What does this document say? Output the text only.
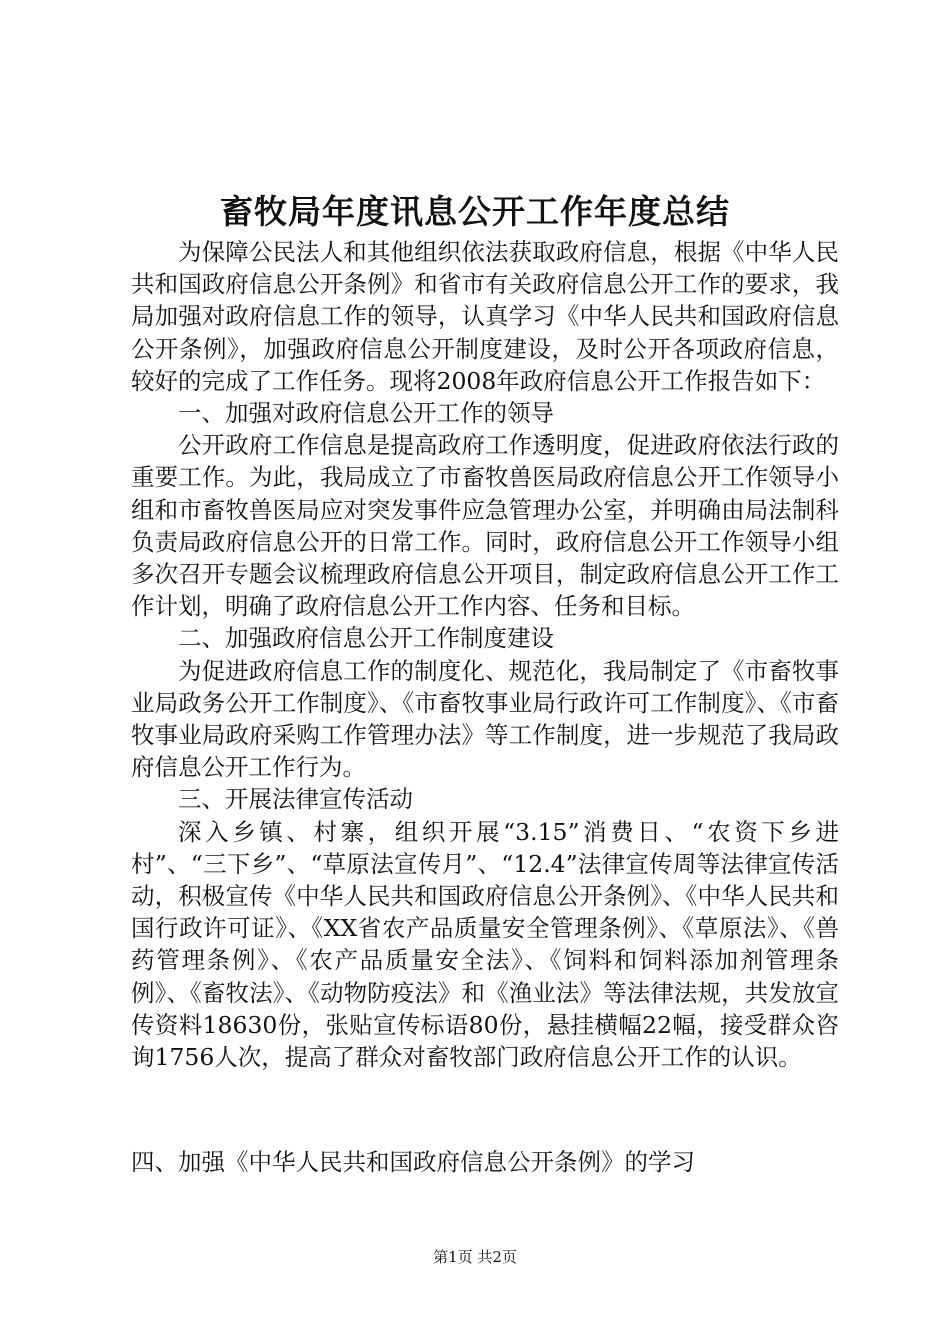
畜牧局年度讯息公开工作年度总结

为保障公民法人和其他组织依法获取政府信息，根据《中华人民共和国政府信息公开条例》和省市有关政府信息公开工作的要求，我局加强对政府信息工作的领导，认真学习《中华人民共和国政府信息公开条例》，加强政府信息公开制度建设，及时公开各项政府信息，较好的完成了工作任务。现将2008年政府信息公开工作报告如下：

一、加强对政府信息公开工作的领导

公开政府工作信息是提高政府工作透明度，促进政府依法行政的重要工作。为此，我局成立了市畜牧兽医局政府信息公开工作领导小组和市畜牧兽医局应对突发事件应急管理办公室，并明确由局法制科负责局政府信息公开的日常工作。同时，政府信息公开工作领导小组多次召开专题会议梳理政府信息公开项目，制定政府信息公开工作工作计划，明确了政府信息公开工作内容、任务和目标。

二、加强政府信息公开工作制度建设

为促进政府信息工作的制度化、规范化，我局制定了《市畜牧事业局政务公开工作制度》、《市畜牧事业局行政许可工作制度》、《市畜牧事业局政府采购工作管理办法》等工作制度，进一步规范了我局政府信息公开工作行为。

三、开展法律宣传活动

深入乡镇、村寨，组织开展“3.15”消费日、“农资下乡进村”、“三下乡”、“草原法宣传月”、“12.4”法律宣传周等法律宣传活动，积极宣传《中华人民共和国政府信息公开条例》、《中华人民共和国行政许可证》、《XX省农产品质量安全管理条例》、《草原法》、《兽药管理条例》、《农产品质量安全法》、《饲料和饲料添加剂管理条例》、《畜牧法》、《动物防疫法》和《渔业法》等法律法规，共发放宣传资料18630份，张贴宣传标语80份，悬挂横幅22幅，接受群众咨询1756人次，提高了群众对畜牧部门政府信息公开工作的认识。

四、加强《中华人民共和国政府信息公开条例》的学习
第1页 共2页
